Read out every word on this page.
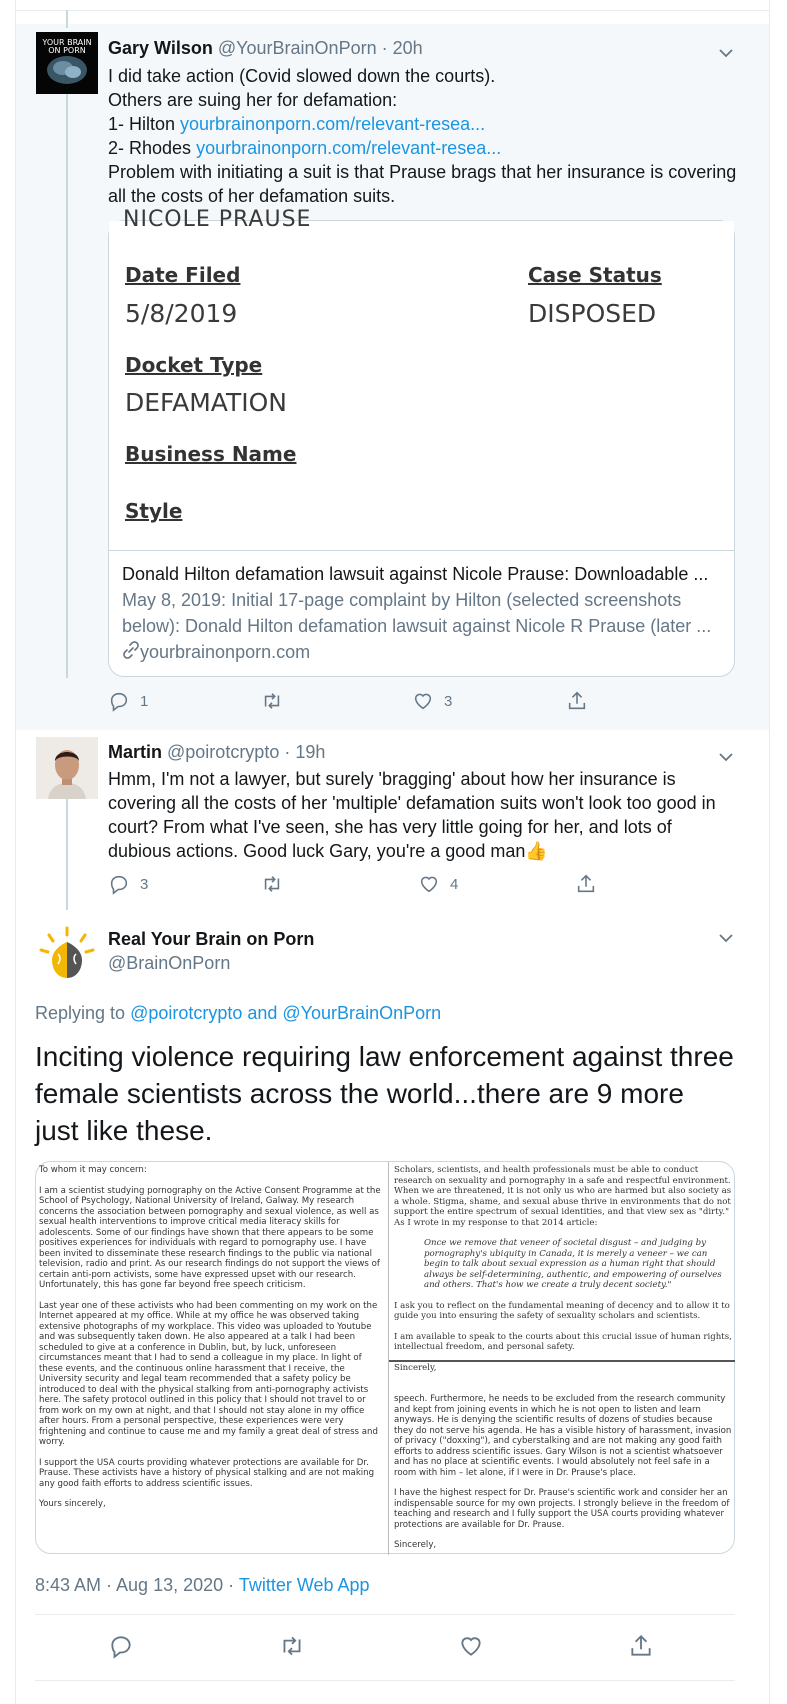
YOUR BRAIN
ON PORN Gary Wilson @YourBrainOnPorn · 20h
I did take action (Covid slowed down the courts).
Others are suing her for defamation:
1- Hilton yourbrainonporn.com/relevant-resea...
2- Rhodes yourbrainonporn.com/relevant-resea...
Problem with initiating a suit is that Prause brags that her insurance is covering all the costs of her defamation suits.
NICOLE PRAUSE
Date Filed
5/8/2019
Case Status
DISPOSED
Docket Type
DEFAMATION
Business Name
Style
Donald Hilton defamation lawsuit against Nicole Prause: Downloadable ...
May 8, 2019: Initial 17-page complaint by Hilton (selected screenshots below): Donald Hilton defamation lawsuit against Nicole R Prause (later ...
yourbrainonporn.com
1	3
Martin @poirotcrypto · 19h
Hmm, I'm not a lawyer, but surely 'bragging' about how her insurance is covering all the costs of her 'multiple' defamation suits won't look too good in court? From what I've seen, she has very little going for her, and lots of dubious actions. Good luck Gary, you're a good man👍
3	4
Real Your Brain on Porn
@BrainOnPorn
Replying to @poirotcrypto and @YourBrainOnPorn
Inciting violence requiring law enforcement against three female scientists across the world...there are 9 more just like these.

To whom it may concern:

I am a scientist studying pornography on the Active Consent Programme at the School of Psychology, National University of Ireland, Galway. My research concerns the association between pornography and sexual violence, as well as sexual health interventions to improve critical media literacy skills for adolescents. Some of our findings have shown that there appears to be some positives experiences for individuals with regard to pornography use. I have been invited to disseminate these research findings to the public via national television, radio and print. As our research findings do not support the views of certain anti-porn activists, some have expressed upset with our research. Unfortunately, this has gone far beyond free speech criticism.

Last year one of these activists who had been commenting on my work on the Internet appeared at my office. While at my office he was observed taking extensive photographs of my workplace. This video was uploaded to Youtube and was subsequently taken down. He also appeared at a talk I had been scheduled to give at a conference in Dublin, but, by luck, unforeseen circumstances meant that I had to send a colleague in my place. In light of these events, and the continuous online harassment that I receive, the University security and legal team recommended that a safety policy be introduced to deal with the physical stalking from anti-pornography activists here. The safety protocol outlined in this policy that I should not travel to or from work on my own at night, and that I should not stay alone in my office after hours. From a personal perspective, these experiences were very frightening and continue to cause me and my family a great deal of stress and worry.

I support the USA courts providing whatever protections are available for Dr. Prause. These activists have a history of physical stalking and are not making any good faith efforts to address scientific issues.

Yours sincerely,

Scholars, scientists, and health professionals must be able to conduct research on sexuality and pornography in a safe and respectful environment. When we are threatened, it is not only us who are harmed but also society as a whole. Stigma, shame, and sexual abuse thrive in environments that do not support the entire spectrum of sexual identities, and that view sex as "dirty." As I wrote in my response to that 2014 article:

Once we remove that veneer of societal disgust – and judging by pornography's ubiquity in Canada, it is merely a veneer – we can begin to talk about sexual expression as a human right that should always be self-determining, authentic, and empowering of ourselves and others. That's how we create a truly decent society."

I ask you to reflect on the fundamental meaning of decency and to allow it to guide you into ensuring the safety of sexuality scholars and scientists.

I am available to speak to the courts about this crucial issue of human rights, intellectual freedom, and personal safety.

Sincerely,

speech. Furthermore, he needs to be excluded from the research community and kept from joining events in which he is not open to listen and learn anyways. He is denying the scientific results of dozens of studies because they do not serve his agenda. He has a visible history of harassment, invasion of privacy ("doxxing"), and cyberstalking and are not making any good faith efforts to address scientific issues. Gary Wilson is not a scientist whatsoever and has no place at scientific events. I would absolutely not feel safe in a room with him – let alone, if I were in Dr. Prause's place.

I have the highest respect for Dr. Prause's scientific work and consider her an indispensable source for my own projects. I strongly believe in the freedom of teaching and research and I fully support the USA courts providing whatever protections are available for Dr. Prause.

Sincerely,

8:43 AM · Aug 13, 2020 · Twitter Web App
